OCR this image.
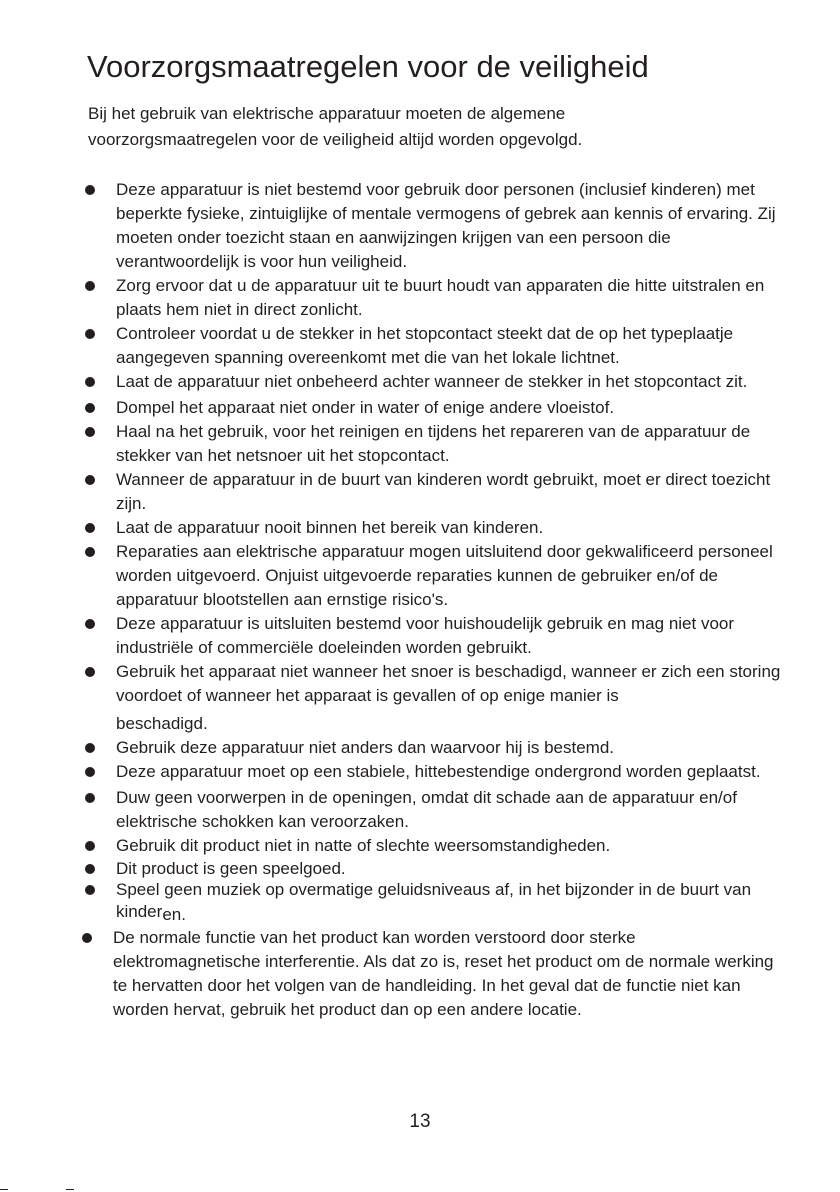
Voorzorgsmaatregelen voor de veiligheid
Bij het gebruik van elektrische apparatuur moeten de algemene voorzorgsmaatregelen voor de veiligheid altijd worden opgevolgd.
Deze apparatuur is niet bestemd voor gebruik door personen (inclusief kinderen) met beperkte fysieke, zintuiglijke of mentale vermogens of gebrek aan kennis of ervaring. Zij moeten onder toezicht staan en aanwijzingen krijgen van een persoon die verantwoordelijk is voor hun veiligheid.
Zorg ervoor dat u de apparatuur uit te buurt houdt van apparaten die hitte uitstralen en plaats hem niet in direct zonlicht.
Controleer voordat u de stekker in het stopcontact steekt dat de op het typeplaatje aangegeven spanning overeenkomt met die van het lokale lichtnet.
Laat de apparatuur niet onbeheerd achter wanneer de stekker in het stopcontact zit.
Dompel het apparaat niet onder in water of enige andere vloeistof.
Haal na het gebruik, voor het reinigen en tijdens het repareren van de apparatuur de stekker van het netsnoer uit het stopcontact.
Wanneer de apparatuur in de buurt van kinderen wordt gebruikt, moet er direct toezicht zijn.
Laat de apparatuur nooit binnen het bereik van kinderen.
Reparaties aan elektrische apparatuur mogen uitsluitend door gekwalificeerd personeel worden uitgevoerd. Onjuist uitgevoerde reparaties kunnen de gebruiker en/of de apparatuur blootstellen aan ernstige risico's.
Deze apparatuur is uitsluiten bestemd voor huishoudelijk gebruik en mag niet voor industriële of commerciële doeleinden worden gebruikt.
Gebruik het apparaat niet wanneer het snoer is beschadigd, wanneer er zich een storing voordoet of wanneer het apparaat is gevallen of op enige manier is
beschadigd.
Gebruik deze apparatuur niet anders dan waarvoor hij is bestemd.
Deze apparatuur moet op een stabiele, hittebestendige ondergrond worden geplaatst.
Duw geen voorwerpen in de openingen, omdat dit schade aan de apparatuur en/of elektrische schokken kan veroorzaken.
Gebruik dit product niet in natte of slechte weersomstandigheden.
Dit product is geen speelgoed.
Speel geen muziek op overmatige geluidsniveaus af, in het bijzonder in de buurt van kinderen.
De normale functie van het product kan worden verstoord door sterke elektromagnetische interferentie. Als dat zo is, reset het product om de normale werking te hervatten door het volgen van de handleiding. In het geval dat de functie niet kan worden hervat, gebruik het product dan op een andere locatie.
13
